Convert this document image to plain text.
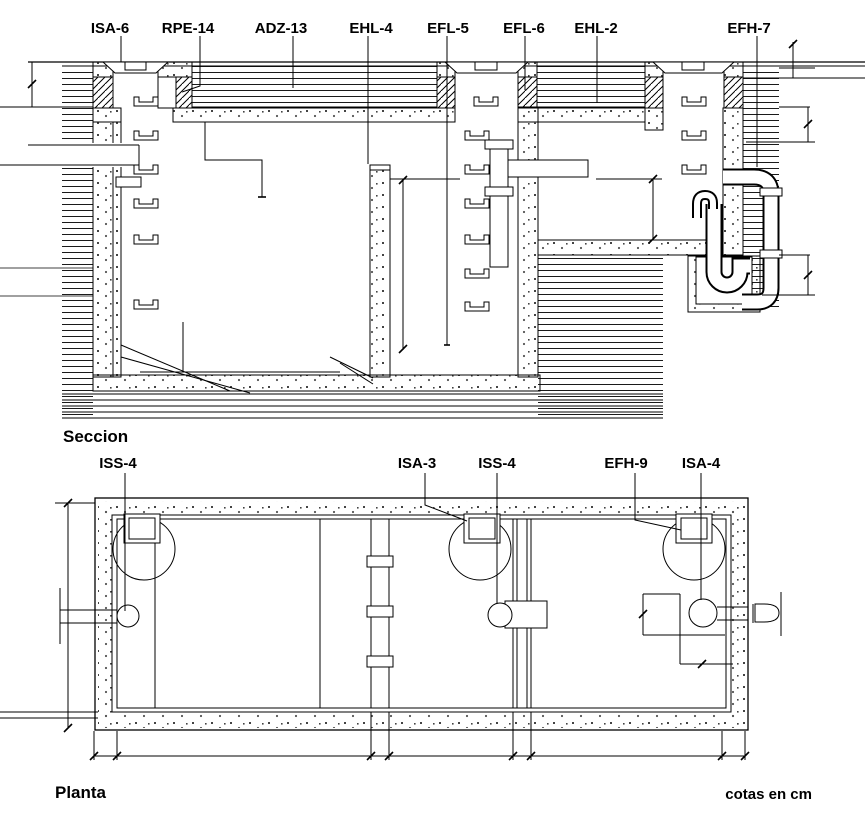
ISA-6 RPE-14	ADZ-13	EHL-4 EFL-5 EFL-6 EHL-2	EFH-7
Seccion
ISS-4	ISA-3	ISS-4	EFH-9 ISA-4
Planta	cotas en cm
